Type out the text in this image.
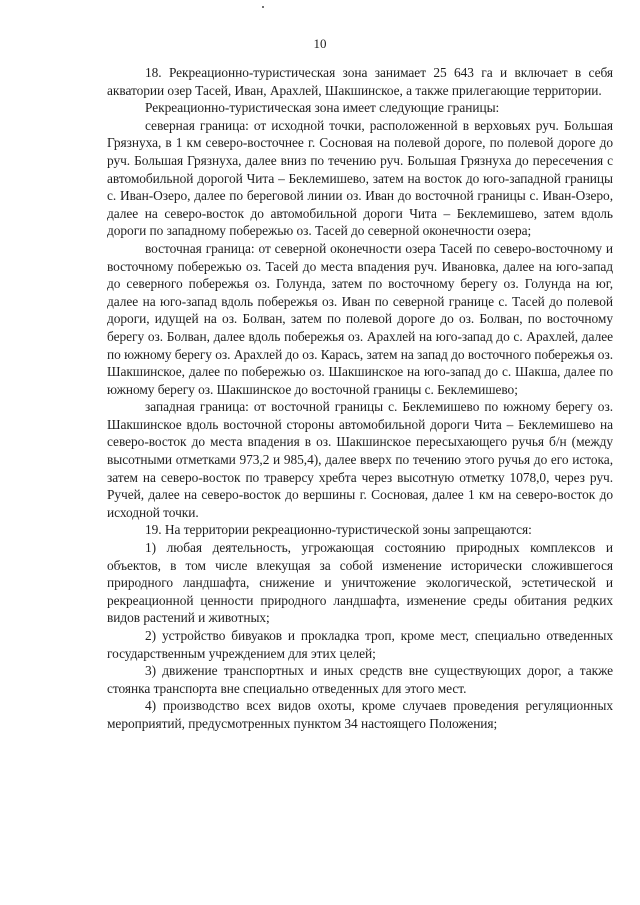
10

18. Рекреационно-туристическая зона занимает 25 643 га и включает в себя акватории озер Тасей, Иван, Арахлей, Шакшинское, а также прилегающие территории.

Рекреационно-туристическая зона имеет следующие границы:

северная граница: от исходной точки, расположенной в верховьях руч. Большая Грязнуха, в 1 км северо-восточнее г. Сосновая на полевой дороге, по полевой дороге до руч. Большая Грязнуха, далее вниз по течению руч. Большая Грязнуха до пересечения с автомобильной дорогой Чита – Беклемишево, затем на восток до юго-западной границы с. Иван-Озеро, далее по береговой линии оз. Иван до восточной границы с. Иван-Озеро, далее на северо-восток до автомобильной дороги Чита – Беклемишево, затем вдоль дороги по западному побережью оз. Тасей до северной оконечности озера;

восточная граница: от северной оконечности озера Тасей по северо-восточному и восточному побережью оз. Тасей до места впадения руч. Ивановка, далее на юго-запад до северного побережья оз. Голунда, затем по восточному берегу оз. Голунда на юг, далее на юго-запад вдоль побережья оз. Иван по северной границе с. Тасей до полевой дороги, идущей на оз. Болван, затем по полевой дороге до оз. Болван, по восточному берегу оз. Болван, далее вдоль побережья оз. Арахлей на юго-запад до с. Арахлей, далее по южному берегу оз. Арахлей до оз. Карась, затем на запад до восточного побережья оз. Шакшинское, далее по побережью оз. Шакшинское на юго-запад до с. Шакша, далее по южному берегу оз. Шакшинское до восточной границы с. Беклемишево;

западная граница: от восточной границы с. Беклемишево по южному берегу оз. Шакшинское вдоль восточной стороны автомобильной дороги Чита – Беклемишево на северо-восток до места впадения в оз. Шакшинское пересыхающего ручья б/н (между высотными отметками 973,2 и 985,4), далее вверх по течению этого ручья до его истока, затем на северо-восток по траверсу хребта через высотную отметку 1078,0, через руч. Ручей, далее на северо-восток до вершины г. Сосновая, далее 1 км на северо-восток до исходной точки.

19. На территории рекреационно-туристической зоны запрещаются:

1) любая деятельность, угрожающая состоянию природных комплексов и объектов, в том числе влекущая за собой изменение исторически сложившегося природного ландшафта, снижение и уничтожение экологической, эстетической и рекреационной ценности природного ландшафта, изменение среды обитания редких видов растений и животных;

2) устройство бивуаков и прокладка троп, кроме мест, специально отведенных государственным учреждением для этих целей;

3) движение транспортных и иных средств вне существующих дорог, а также стоянка транспорта вне специально отведенных для этого мест.

4) производство всех видов охоты, кроме случаев проведения регуляционных мероприятий, предусмотренных пунктом 34 настоящего Положения;
